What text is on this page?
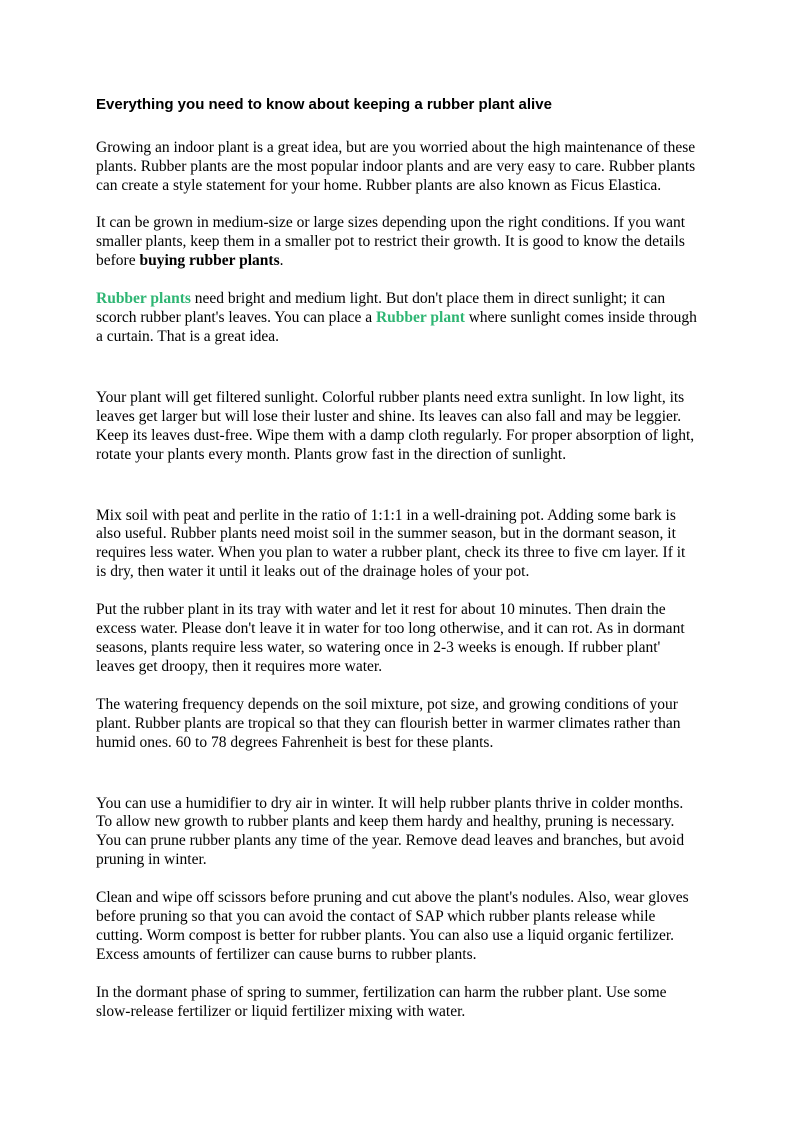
Everything you need to know about keeping a rubber plant alive

Growing an indoor plant is a great idea, but are you worried about the high maintenance of these plants. Rubber plants are the most popular indoor plants and are very easy to care. Rubber plants can create a style statement for your home. Rubber plants are also known as Ficus Elastica.

It can be grown in medium-size or large sizes depending upon the right conditions. If you want smaller plants, keep them in a smaller pot to restrict their growth. It is good to know the details before buying rubber plants.

Rubber plants need bright and medium light. But don't place them in direct sunlight; it can scorch rubber plant's leaves. You can place a Rubber plant where sunlight comes inside through a curtain. That is a great idea.

Your plant will get filtered sunlight. Colorful rubber plants need extra sunlight. In low light, its leaves get larger but will lose their luster and shine. Its leaves can also fall and may be leggier. Keep its leaves dust-free. Wipe them with a damp cloth regularly. For proper absorption of light, rotate your plants every month. Plants grow fast in the direction of sunlight.

Mix soil with peat and perlite in the ratio of 1:1:1 in a well-draining pot. Adding some bark is also useful. Rubber plants need moist soil in the summer season, but in the dormant season, it requires less water. When you plan to water a rubber plant, check its three to five cm layer. If it is dry, then water it until it leaks out of the drainage holes of your pot.

Put the rubber plant in its tray with water and let it rest for about 10 minutes. Then drain the excess water. Please don't leave it in water for too long otherwise, and it can rot. As in dormant seasons, plants require less water, so watering once in 2-3 weeks is enough. If rubber plant' leaves get droopy, then it requires more water.

The watering frequency depends on the soil mixture, pot size, and growing conditions of your plant. Rubber plants are tropical so that they can flourish better in warmer climates rather than humid ones. 60 to 78 degrees Fahrenheit is best for these plants.

You can use a humidifier to dry air in winter. It will help rubber plants thrive in colder months. To allow new growth to rubber plants and keep them hardy and healthy, pruning is necessary. You can prune rubber plants any time of the year. Remove dead leaves and branches, but avoid pruning in winter.

Clean and wipe off scissors before pruning and cut above the plant's nodules. Also, wear gloves before pruning so that you can avoid the contact of SAP which rubber plants release while cutting. Worm compost is better for rubber plants. You can also use a liquid organic fertilizer. Excess amounts of fertilizer can cause burns to rubber plants.

In the dormant phase of spring to summer, fertilization can harm the rubber plant. Use some slow-release fertilizer or liquid fertilizer mixing with water.
